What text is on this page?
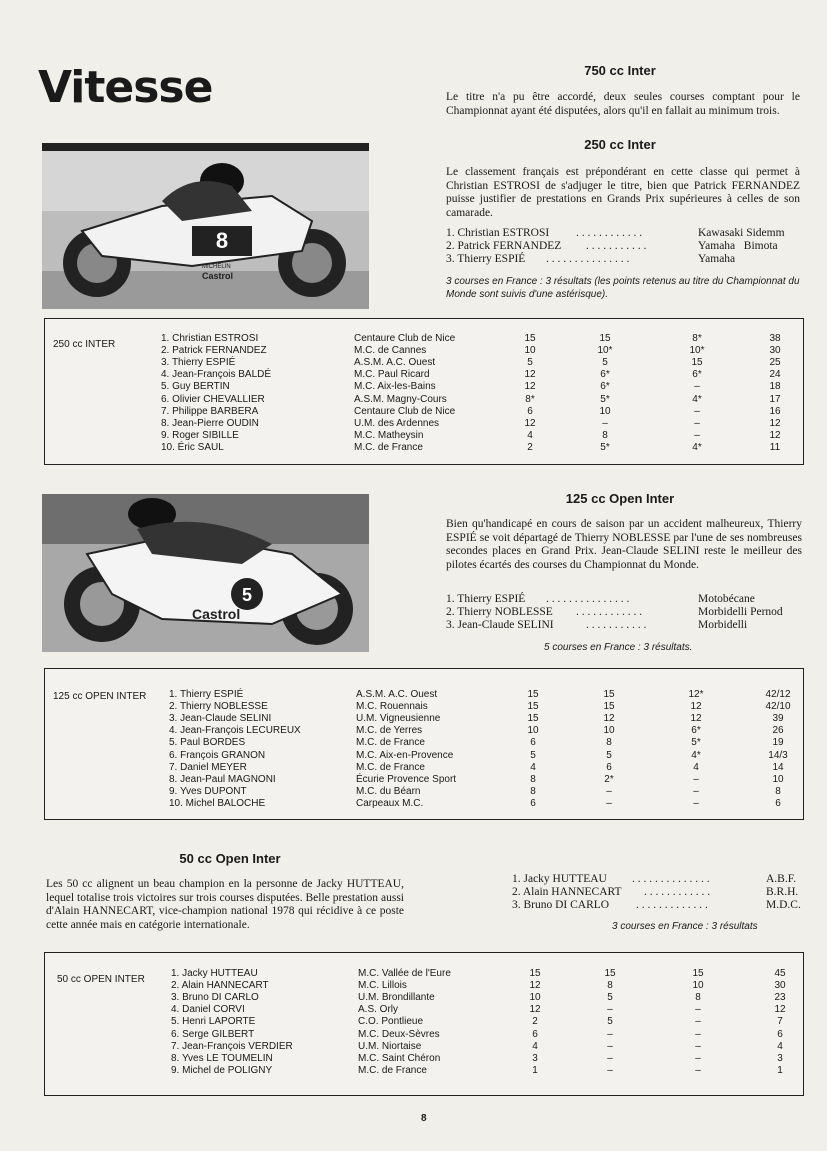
Vitesse
8
Castrol
MICHELIN
750 cc Inter
Le titre n'a pu être accordé, deux seules courses comptant pour le Championnat ayant été disputées, alors qu'il en fallait au minimum trois.
250 cc Inter
Le classement français est prépondérant en cette classe qui permet à Christian ESTROSI de s'adjuger le titre, bien que Patrick FERNANDEZ puisse justifier de prestations en Grands Prix supérieures à celles de son camarade.
1. Christian ESTROSI . . . . . . . . . . . .	Kawasaki Sidemm
2. Patrick FERNANDEZ . . . . . . . . . . .	Yamaha   Bimota
3. Thierry ESPIÉ . . . . . . . . . . . . . . .	Yamaha
3 courses en France : 3 résultats (les points retenus au titre du Championnat du Monde sont suivis d'une astérisque).
250 cc INTER
1. Christian ESTROSI	Centaure Club de Nice	15	15	8*	38
2. Patrick FERNANDEZ	M.C. de Cannes	10	10*	10*	30
3. Thierry ESPIÉ	A.S.M. A.C. Ouest	5	5	15	25
4. Jean-François BALDÉ	M.C. Paul Ricard	12	6*	6*	24
5. Guy BERTIN	M.C. Aix-les-Bains	12	6*	–	18
6. Olivier CHEVALLIER	A.S.M. Magny-Cours	8*	5*	4*	17
7. Philippe BARBERA	Centaure Club de Nice	6	10	–	16
8. Jean-Pierre OUDIN	U.M. des Ardennes	12	–	–	12
9. Roger SIBILLE	M.C. Matheysin	4	8	–	12
10. Éric SAUL	M.C. de France	2	5*	4*	11
5
Castrol
125 cc Open Inter
Bien qu'handicapé en cours de saison par un accident malheureux, Thierry ESPIÉ se voit départagé de Thierry NOBLESSE par l'une de ses nombreuses secondes places en Grand Prix. Jean-Claude SELINI reste le meilleur des pilotes écartés des courses du Championnat du Monde.
1. Thierry ESPIÉ . . . . . . . . . . . . . . .	Motobécane
2. Thierry NOBLESSE . . . . . . . . . . . .	Morbidelli Pernod
3. Jean-Claude SELINI	. . . . . . . . . . .	Morbidelli
5 courses en France : 3 résultats.
125 cc OPEN INTER 1. Thierry ESPIÉ	A.S.M. A.C. Ouest	15	15	12*	42/12
2. Thierry NOBLESSE	M.C. Rouennais	15	15	12	42/10
3. Jean-Claude SELINI	U.M. Vigneusienne	15	12	12	39
4. Jean-François LECUREUX	M.C. de Yerres	10	10	6*	26
5. Paul BORDES	M.C. de France	6	8	5*	19
6. François GRANON	M.C. Aix-en-Provence	5	5	4*	14/3
7. Daniel MEYER	M.C. de France	4	6	4	14
8. Jean-Paul MAGNONI	Écurie Provence Sport	8	2*	–	10
9. Yves DUPONT	M.C. du Béarn	8	–	–	8
10. Michel BALOCHE	Carpeaux M.C.	6	–	–	6
50 cc Open Inter
Les 50 cc alignent un beau champion en la personne de Jacky HUTTEAU, lequel totalise trois victoires sur trois courses disputées. Belle prestation aussi d'Alain HANNECART, vice-champion national 1978 qui récidive à ce poste cette année mais en catégorie internationale.
1. Jacky HUTTEAU . . . . . . . . . . . . . .	A.B.F.
2. Alain HANNECART . . . . . . . . . . . .	B.R.H.
3. Bruno DI CARLO . . . . . . . . . . . . .	M.D.C.
3 courses en France : 3 résultats
50 cc OPEN INTER
1. Jacky HUTTEAU	M.C. Vallée de l'Eure	15	15	15	45
2. Alain HANNECART	M.C. Lillois	12	8	10	30
3. Bruno DI CARLO	U.M. Brondillante	10	5	8	23
4. Daniel CORVI	A.S. Orly	12	–	–	12
5. Henri LAPORTE	C.O. Pontlieue	2	5	–	7
6. Serge GILBERT	M.C. Deux-Sèvres	6	–	–	6
7. Jean-François VERDIER	U.M. Niortaise	4	–	–	4
8. Yves LE TOUMELIN	M.C. Saint Chéron	3	–	–	3
9. Michel de POLIGNY	M.C. de France	1	–	–	1
8
